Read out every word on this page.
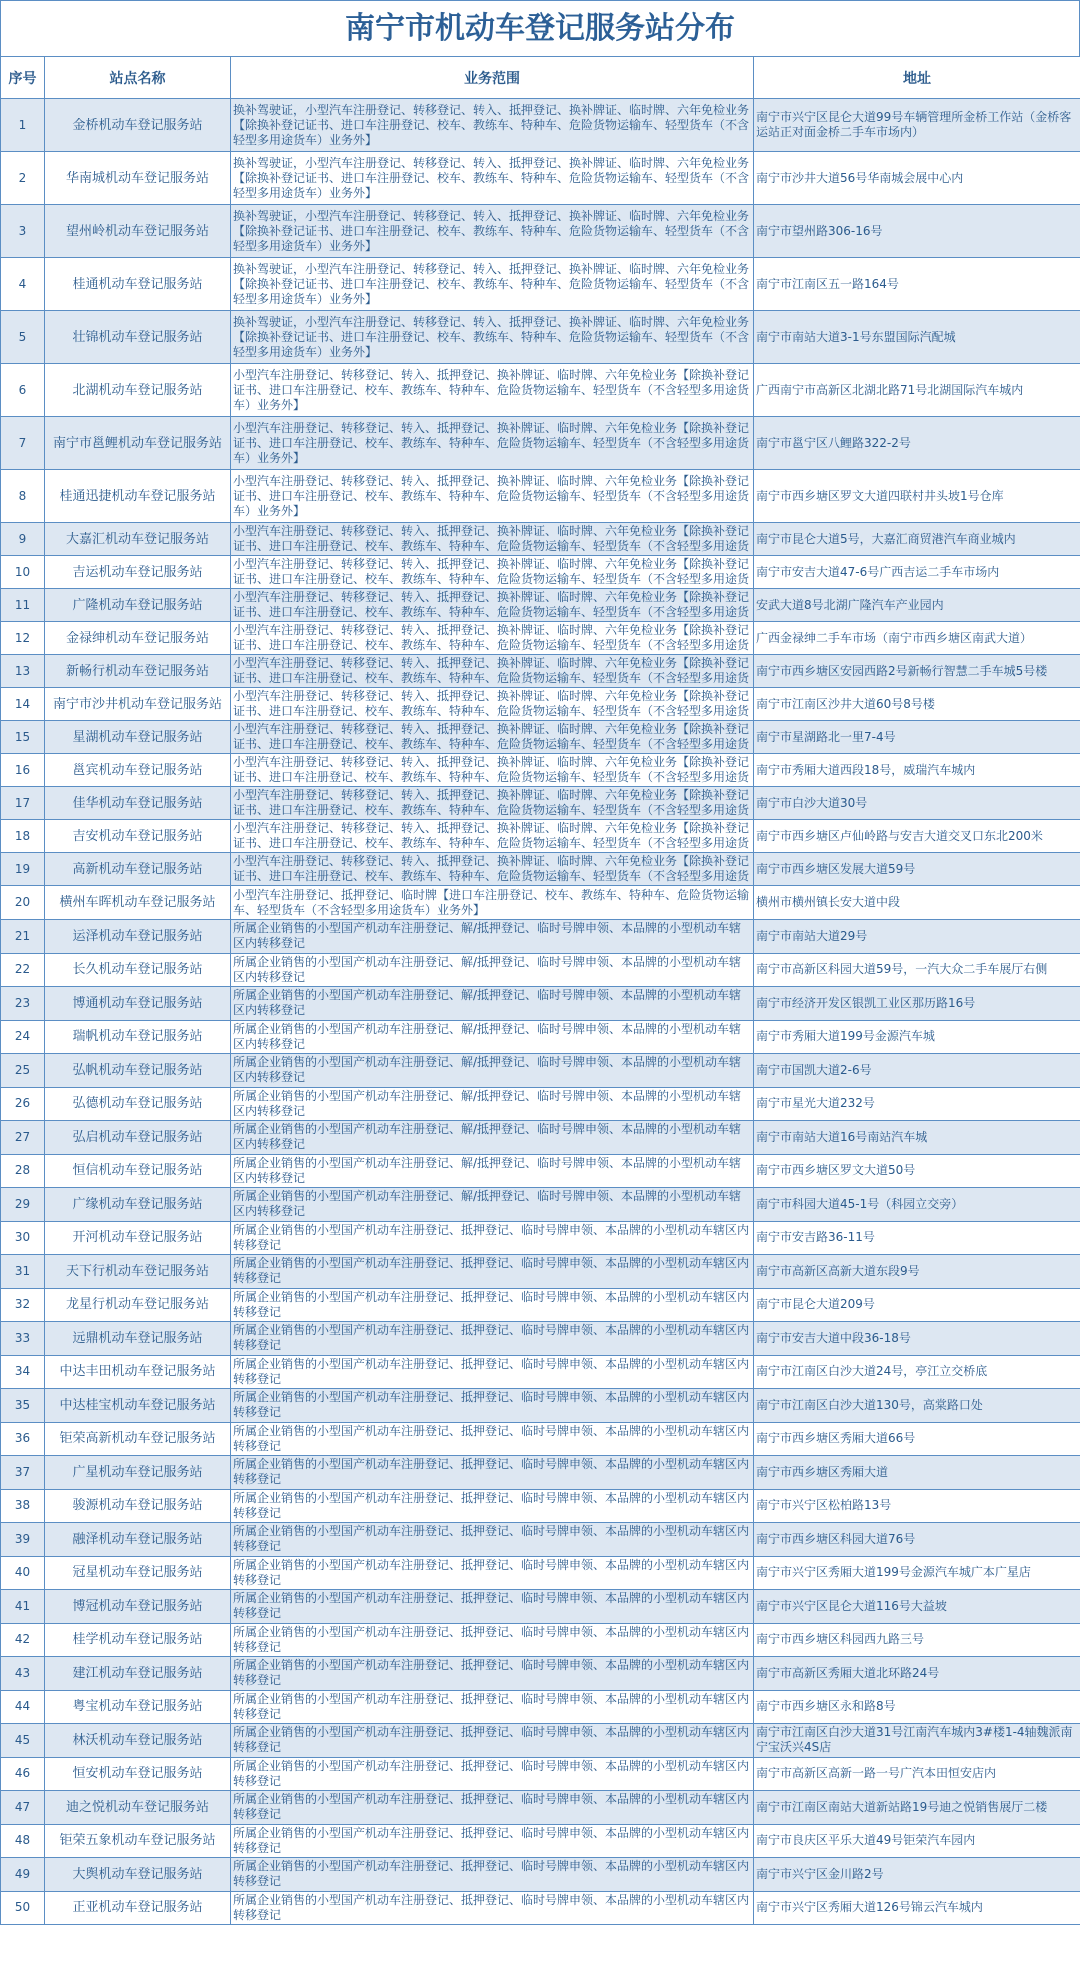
南宁市机动车登记服务站分布
序号	站点名称	业务范围	地址

1	金桥机动车登记服务站	换补驾驶证，小型汽车注册登记、转移登记、转入、抵押登记、换补牌证、临时牌、六年免检业务【除换补登记证书、进口车注册登记、校车、教练车、特种车、危险货物运输车、轻型货车（不含轻型多用途货车）业务外】	南宁市兴宁区昆仑大道99号车辆管理所金桥工作站（金桥客运站正对面金桥二手车市场内）

2	华南城机动车登记服务站	换补驾驶证，小型汽车注册登记、转移登记、转入、抵押登记、换补牌证、临时牌、六年免检业务【除换补登记证书、进口车注册登记、校车、教练车、特种车、危险货物运输车、轻型货车（不含轻型多用途货车）业务外】	南宁市沙井大道56号华南城会展中心内

3	望州岭机动车登记服务站	换补驾驶证，小型汽车注册登记、转移登记、转入、抵押登记、换补牌证、临时牌、六年免检业务【除换补登记证书、进口车注册登记、校车、教练车、特种车、危险货物运输车、轻型货车（不含轻型多用途货车）业务外】	南宁市望州路306-16号

4	桂通机动车登记服务站	换补驾驶证，小型汽车注册登记、转移登记、转入、抵押登记、换补牌证、临时牌、六年免检业务【除换补登记证书、进口车注册登记、校车、教练车、特种车、危险货物运输车、轻型货车（不含轻型多用途货车）业务外】	南宁市江南区五一路164号

5	壮锦机动车登记服务站	换补驾驶证，小型汽车注册登记、转移登记、转入、抵押登记、换补牌证、临时牌、六年免检业务【除换补登记证书、进口车注册登记、校车、教练车、特种车、危险货物运输车、轻型货车（不含轻型多用途货车）业务外】	南宁市南站大道3-1号东盟国际汽配城

6	北湖机动车登记服务站	小型汽车注册登记、转移登记、转入、抵押登记、换补牌证、临时牌、六年免检业务【除换补登记证书、进口车注册登记、校车、教练车、特种车、危险货物运输车、轻型货车（不含轻型多用途货车）业务外】	广西南宁市高新区北湖北路71号北湖国际汽车城内

7	南宁市邕鲤机动车登记服务站	小型汽车注册登记、转移登记、转入、抵押登记、换补牌证、临时牌、六年免检业务【除换补登记证书、进口车注册登记、校车、教练车、特种车、危险货物运输车、轻型货车（不含轻型多用途货车）业务外】	南宁市邕宁区八鲤路322-2号

8	桂通迅捷机动车登记服务站	小型汽车注册登记、转移登记、转入、抵押登记、换补牌证、临时牌、六年免检业务【除换补登记证书、进口车注册登记、校车、教练车、特种车、危险货物运输车、轻型货车（不含轻型多用途货车）业务外】	南宁市西乡塘区罗文大道四联村井头坡1号仓库

9	大嘉汇机动车登记服务站	小型汽车注册登记、转移登记、转入、抵押登记、换补牌证、临时牌、六年免检业务【除换补登记证书、进口车注册登记、校车、教练车、特种车、危险货物运输车、轻型货车（不含轻型多用途货	南宁市昆仑大道5号，大嘉汇商贸港汽车商业城内

10	吉运机动车登记服务站	小型汽车注册登记、转移登记、转入、抵押登记、换补牌证、临时牌、六年免检业务【除换补登记证书、进口车注册登记、校车、教练车、特种车、危险货物运输车、轻型货车（不含轻型多用途货	南宁市安吉大道47-6号广西吉运二手车市场内

11	广隆机动车登记服务站	小型汽车注册登记、转移登记、转入、抵押登记、换补牌证、临时牌、六年免检业务【除换补登记证书、进口车注册登记、校车、教练车、特种车、危险货物运输车、轻型货车（不含轻型多用途货	安武大道8号北湖广隆汽车产业园内

12	金禄绅机动车登记服务站	小型汽车注册登记、转移登记、转入、抵押登记、换补牌证、临时牌、六年免检业务【除换补登记证书、进口车注册登记、校车、教练车、特种车、危险货物运输车、轻型货车（不含轻型多用途货	广西金禄绅二手车市场（南宁市西乡塘区南武大道）

13	新畅行机动车登记服务站	小型汽车注册登记、转移登记、转入、抵押登记、换补牌证、临时牌、六年免检业务【除换补登记证书、进口车注册登记、校车、教练车、特种车、危险货物运输车、轻型货车（不含轻型多用途货	南宁市西乡塘区安园西路2号新畅行智慧二手车城5号楼

14	南宁市沙井机动车登记服务站	小型汽车注册登记、转移登记、转入、抵押登记、换补牌证、临时牌、六年免检业务【除换补登记证书、进口车注册登记、校车、教练车、特种车、危险货物运输车、轻型货车（不含轻型多用途货	南宁市江南区沙井大道60号8号楼

15	星湖机动车登记服务站	小型汽车注册登记、转移登记、转入、抵押登记、换补牌证、临时牌、六年免检业务【除换补登记证书、进口车注册登记、校车、教练车、特种车、危险货物运输车、轻型货车（不含轻型多用途货	南宁市星湖路北一里7-4号

16	邕宾机动车登记服务站	小型汽车注册登记、转移登记、转入、抵押登记、换补牌证、临时牌、六年免检业务【除换补登记证书、进口车注册登记、校车、教练车、特种车、危险货物运输车、轻型货车（不含轻型多用途货	南宁市秀厢大道西段18号，威瑞汽车城内

17	佳华机动车登记服务站	小型汽车注册登记、转移登记、转入、抵押登记、换补牌证、临时牌、六年免检业务【除换补登记证书、进口车注册登记、校车、教练车、特种车、危险货物运输车、轻型货车（不含轻型多用途货	南宁市白沙大道30号

18	吉安机动车登记服务站	小型汽车注册登记、转移登记、转入、抵押登记、换补牌证、临时牌、六年免检业务【除换补登记证书、进口车注册登记、校车、教练车、特种车、危险货物运输车、轻型货车（不含轻型多用途货	南宁市西乡塘区卢仙岭路与安吉大道交叉口东北200米

19	高新机动车登记服务站	小型汽车注册登记、转移登记、转入、抵押登记、换补牌证、临时牌、六年免检业务【除换补登记证书、进口车注册登记、校车、教练车、特种车、危险货物运输车、轻型货车（不含轻型多用途货	南宁市西乡塘区发展大道59号

20	横州车晖机动车登记服务站	小型汽车注册登记、抵押登记、临时牌【进口车注册登记、校车、教练车、特种车、危险货物运输车、轻型货车（不含轻型多用途货车）业务外】	横州市横州镇长安大道中段

21	运泽机动车登记服务站	所属企业销售的小型国产机动车注册登记、解/抵押登记、临时号牌申领、本品牌的小型机动车辖区内转移登记	南宁市南站大道29号

22	长久机动车登记服务站	所属企业销售的小型国产机动车注册登记、解/抵押登记、临时号牌申领、本品牌的小型机动车辖区内转移登记	南宁市高新区科园大道59号，一汽大众二手车展厅右侧

23	博通机动车登记服务站	所属企业销售的小型国产机动车注册登记、解/抵押登记、临时号牌申领、本品牌的小型机动车辖区内转移登记	南宁市经济开发区银凯工业区那历路16号

24	瑞帆机动车登记服务站	所属企业销售的小型国产机动车注册登记、解/抵押登记、临时号牌申领、本品牌的小型机动车辖区内转移登记	南宁市秀厢大道199号金源汽车城

25	弘帆机动车登记服务站	所属企业销售的小型国产机动车注册登记、解/抵押登记、临时号牌申领、本品牌的小型机动车辖区内转移登记	南宁市国凯大道2-6号

26	弘德机动车登记服务站	所属企业销售的小型国产机动车注册登记、解/抵押登记、临时号牌申领、本品牌的小型机动车辖区内转移登记	南宁市星光大道232号

27	弘启机动车登记服务站	所属企业销售的小型国产机动车注册登记、解/抵押登记、临时号牌申领、本品牌的小型机动车辖区内转移登记	南宁市南站大道16号南站汽车城

28	恒信机动车登记服务站	所属企业销售的小型国产机动车注册登记、解/抵押登记、临时号牌申领、本品牌的小型机动车辖区内转移登记	南宁市西乡塘区罗文大道50号

29	广缘机动车登记服务站	所属企业销售的小型国产机动车注册登记、解/抵押登记、临时号牌申领、本品牌的小型机动车辖区内转移登记	南宁市科园大道45-1号（科园立交旁）

30	开河机动车登记服务站	所属企业销售的小型国产机动车注册登记、抵押登记、临时号牌申领、本品牌的小型机动车辖区内转移登记	南宁市安吉路36-11号

31	天下行机动车登记服务站	所属企业销售的小型国产机动车注册登记、抵押登记、临时号牌申领、本品牌的小型机动车辖区内转移登记	南宁市高新区高新大道东段9号

32	龙星行机动车登记服务站	所属企业销售的小型国产机动车注册登记、抵押登记、临时号牌申领、本品牌的小型机动车辖区内转移登记	南宁市昆仑大道209号

33	远鼎机动车登记服务站	所属企业销售的小型国产机动车注册登记、抵押登记、临时号牌申领、本品牌的小型机动车辖区内转移登记	南宁市安吉大道中段36-18号

34	中达丰田机动车登记服务站	所属企业销售的小型国产机动车注册登记、抵押登记、临时号牌申领、本品牌的小型机动车辖区内转移登记	南宁市江南区白沙大道24号，亭江立交桥底

35	中达桂宝机动车登记服务站	所属企业销售的小型国产机动车注册登记、抵押登记、临时号牌申领、本品牌的小型机动车辖区内转移登记	南宁市江南区白沙大道130号，高棠路口处

36	钜荣高新机动车登记服务站	所属企业销售的小型国产机动车注册登记、抵押登记、临时号牌申领、本品牌的小型机动车辖区内转移登记	南宁市西乡塘区秀厢大道66号

37	广星机动车登记服务站	所属企业销售的小型国产机动车注册登记、抵押登记、临时号牌申领、本品牌的小型机动车辖区内转移登记	南宁市西乡塘区秀厢大道

38	骏源机动车登记服务站	所属企业销售的小型国产机动车注册登记、抵押登记、临时号牌申领、本品牌的小型机动车辖区内转移登记	南宁市兴宁区松柏路13号

39	融泽机动车登记服务站	所属企业销售的小型国产机动车注册登记、抵押登记、临时号牌申领、本品牌的小型机动车辖区内转移登记	南宁市西乡塘区科园大道76号

40	冠星机动车登记服务站	所属企业销售的小型国产机动车注册登记、抵押登记、临时号牌申领、本品牌的小型机动车辖区内转移登记	南宁市兴宁区秀厢大道199号金源汽车城广本广星店

41	博冠机动车登记服务站	所属企业销售的小型国产机动车注册登记、抵押登记、临时号牌申领、本品牌的小型机动车辖区内转移登记	南宁市兴宁区昆仑大道116号大益坡

42	桂学机动车登记服务站	所属企业销售的小型国产机动车注册登记、抵押登记、临时号牌申领、本品牌的小型机动车辖区内转移登记	南宁市西乡塘区科园西九路三号

43	建江机动车登记服务站	所属企业销售的小型国产机动车注册登记、抵押登记、临时号牌申领、本品牌的小型机动车辖区内转移登记	南宁市高新区秀厢大道北环路24号

44	粤宝机动车登记服务站	所属企业销售的小型国产机动车注册登记、抵押登记、临时号牌申领、本品牌的小型机动车辖区内转移登记	南宁市西乡塘区永和路8号

45	林沃机动车登记服务站	所属企业销售的小型国产机动车注册登记、抵押登记、临时号牌申领、本品牌的小型机动车辖区内转移登记	南宁市江南区白沙大道31号江南汽车城内3#楼1-4轴魏派南宁宝沃兴4S店

46	恒安机动车登记服务站	所属企业销售的小型国产机动车注册登记、抵押登记、临时号牌申领、本品牌的小型机动车辖区内转移登记	南宁市高新区高新一路一号广汽本田恒安店内

47	迪之悦机动车登记服务站	所属企业销售的小型国产机动车注册登记、抵押登记、临时号牌申领、本品牌的小型机动车辖区内转移登记	南宁市江南区南站大道新站路19号迪之悦销售展厅二楼

48	钜荣五象机动车登记服务站	所属企业销售的小型国产机动车注册登记、抵押登记、临时号牌申领、本品牌的小型机动车辖区内转移登记	南宁市良庆区平乐大道49号钜荣汽车园内

49	大舆机动车登记服务站	所属企业销售的小型国产机动车注册登记、抵押登记、临时号牌申领、本品牌的小型机动车辖区内转移登记	南宁市兴宁区金川路2号

50	正亚机动车登记服务站	所属企业销售的小型国产机动车注册登记、抵押登记、临时号牌申领、本品牌的小型机动车辖区内转移登记	南宁市兴宁区秀厢大道126号锦云汽车城内
